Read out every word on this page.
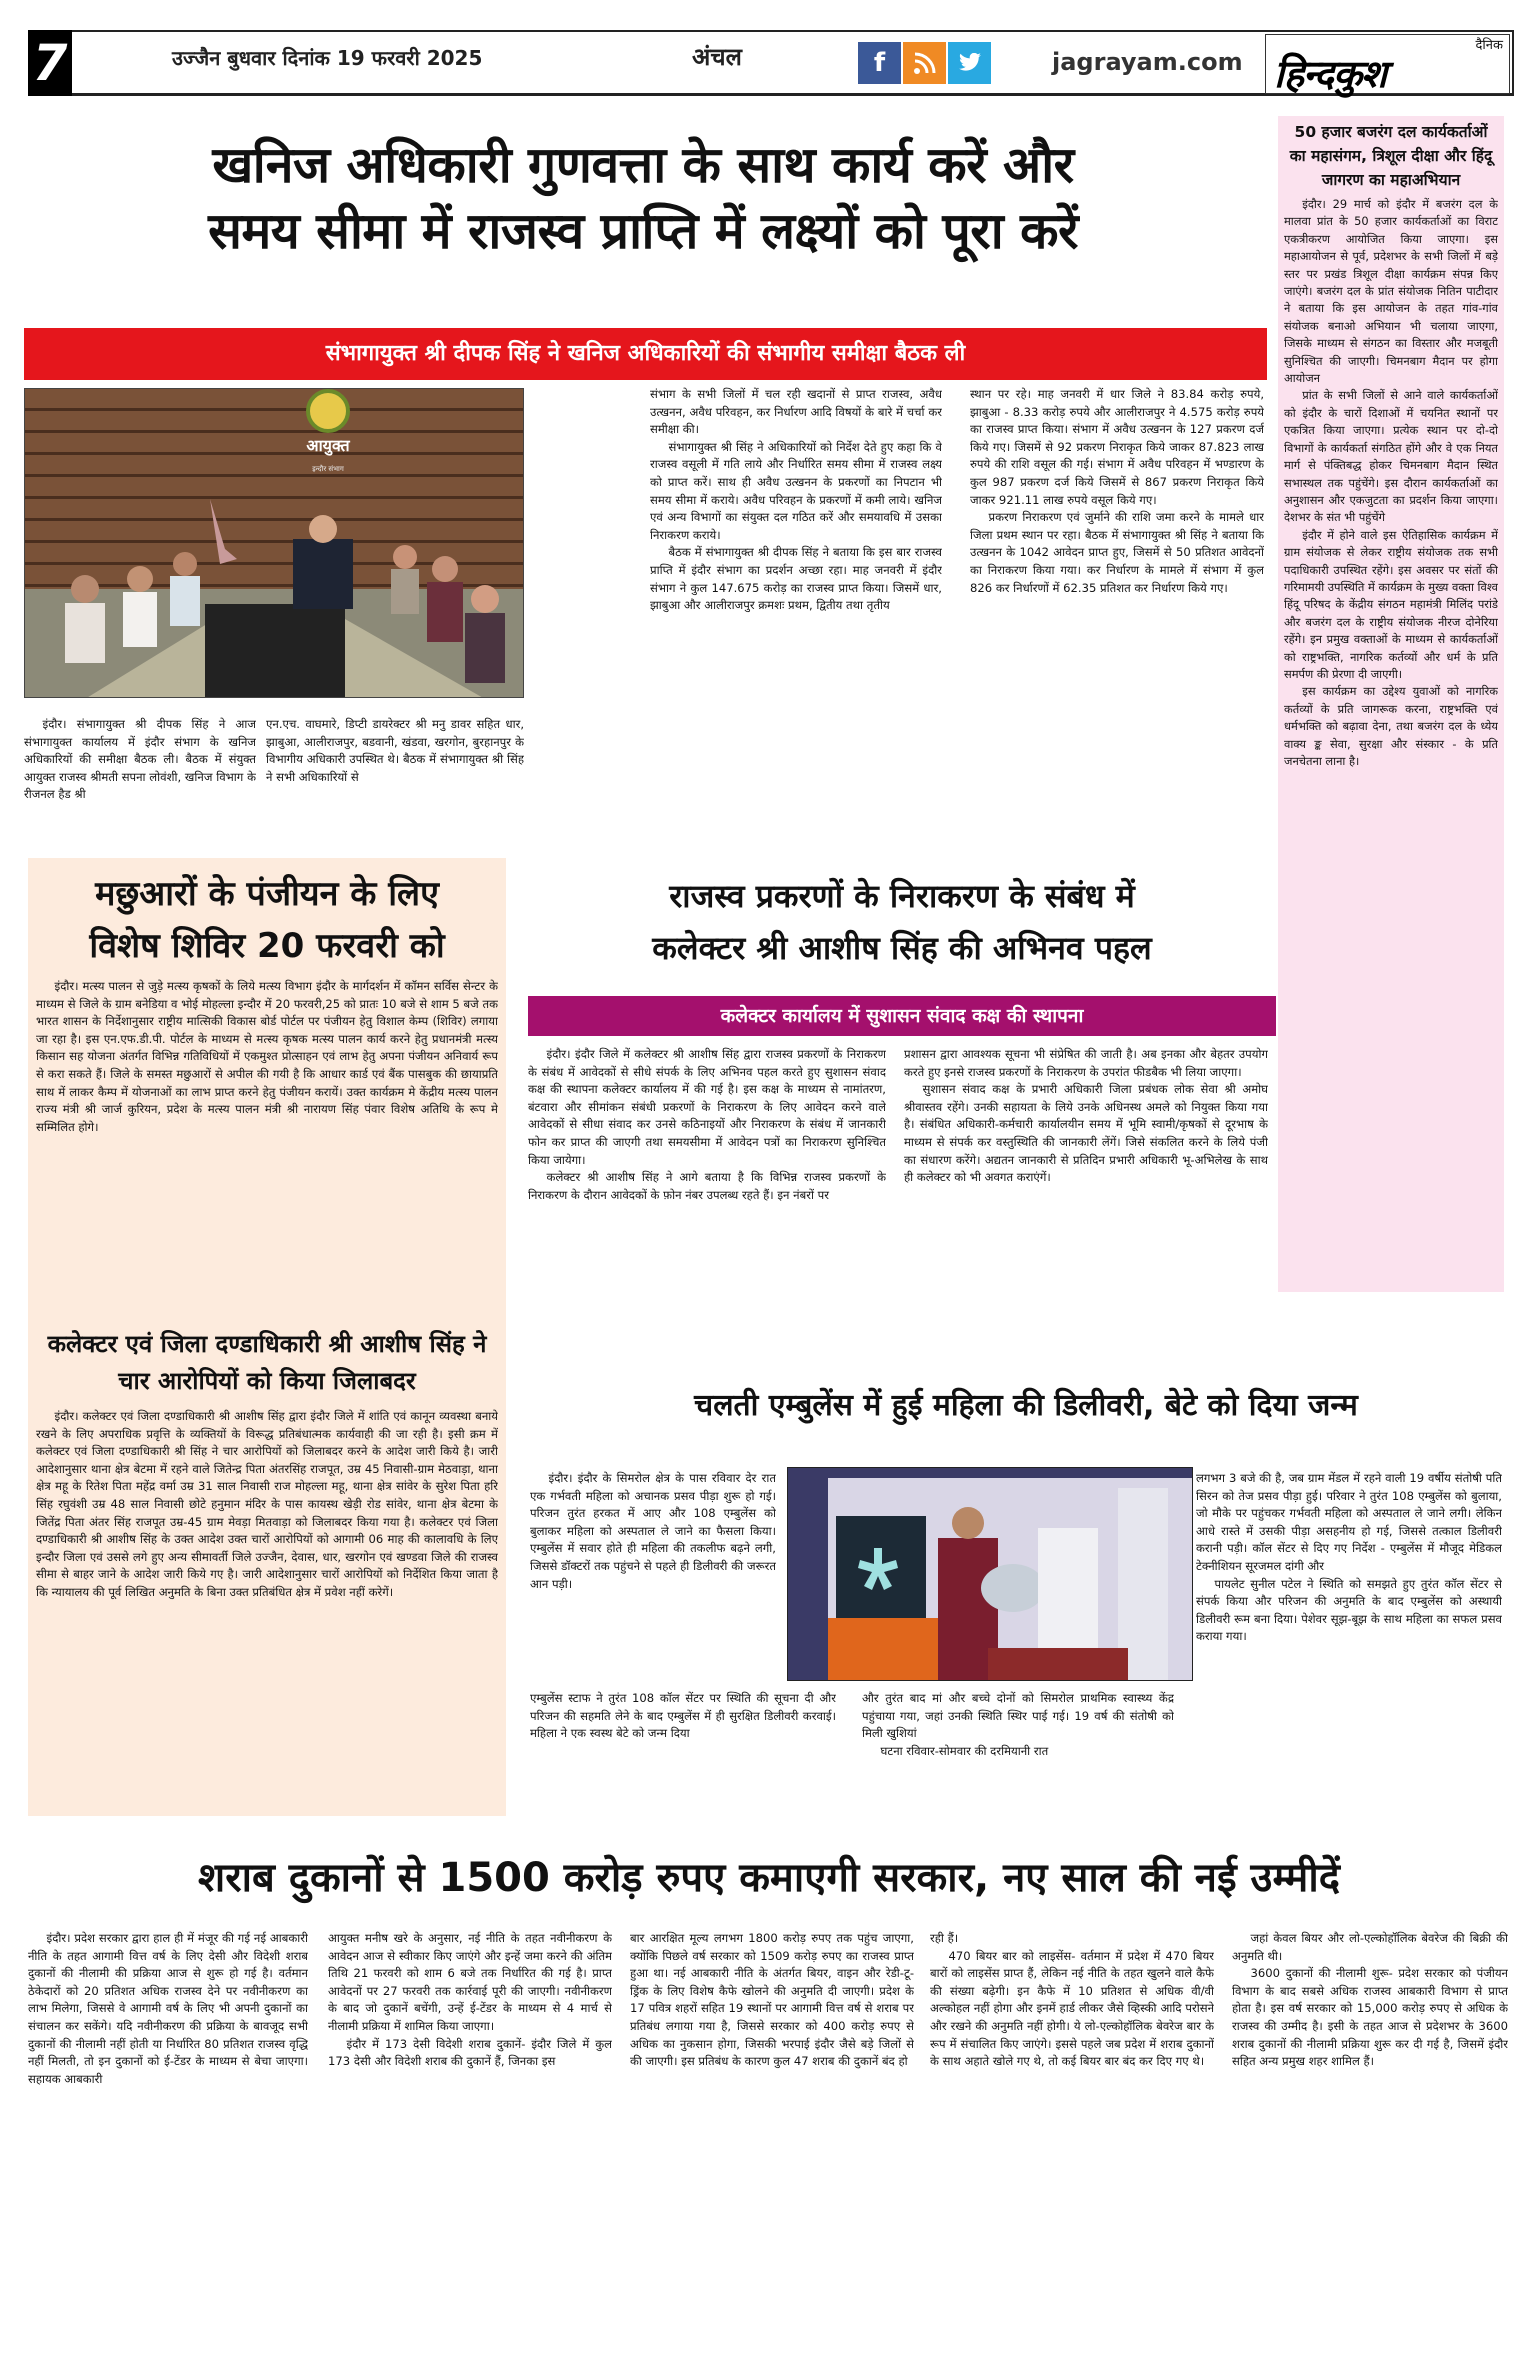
7	उज्जैन बुधवार दिनांक 19 फरवरी 2025	अंचल	f	jagrayam.com
दैनिक
हिन्दकुश
खनिज अधिकारी गुणवत्ता के साथ कार्य करें और
समय सीमा में राजस्व प्राप्ति में लक्ष्यों को पूरा करें
संभागायुक्त श्री दीपक सिंह ने खनिज अधिकारियों की संभागीय समीक्षा बैठक ली
आयुक्त
इन्दौर संभाग

इंदौर। संभागायुक्त श्री दीपक सिंह ने आज संभागायुक्त कार्यालय में इंदौर संभाग के खनिज अधिकारियों की समीक्षा बैठक ली। बैठक में संयुक्त आयुक्त राजस्व श्रीमती सपना लोवंशी, खनिज विभाग के रीजनल हैड श्री

एन.एच. वाघमारे, डिप्टी डायरेक्टर श्री मनु डावर सहित धार, झाबुआ, आलीराजपुर, बडवानी, खंडवा, खरगोन, बुरहानपुर के विभागीय अधिकारी उपस्थित थे। बैठक में संभागायुक्त श्री सिंह ने सभी अधिकारियों से

संभाग के सभी जिलों में चल रही खदानों से प्राप्त राजस्व, अवैध उत्खनन, अवैध परिवहन, कर निर्धारण आदि विषयों के बारे में चर्चा कर समीक्षा की।

संभागायुक्त श्री सिंह ने अधिकारियों को निर्देश देते हुए कहा कि वे राजस्व वसूली में गति लाये और निर्धारित समय सीमा में राजस्व लक्ष्य को प्राप्त करें। साथ ही अवैध उत्खनन के प्रकरणों का निपटान भी समय सीमा में कराये। अवैध परिवहन के प्रकरणों में कमी लाये। खनिज एवं अन्य विभागों का संयुक्त दल गठित करें और समयावधि में उसका निराकरण कराये।

बैठक में संभागायुक्त श्री दीपक सिंह ने बताया कि इस बार राजस्व प्राप्ति में इंदौर संभाग का प्रदर्शन अच्छा रहा। माह जनवरी में इंदौर संभाग ने कुल 147.675 करोड़ का राजस्व प्राप्त किया। जिसमें धार, झाबुआ और आलीराजपुर क्रमशः प्रथम, द्वितीय तथा तृतीय

स्थान पर रहे। माह जनवरी में धार जिले ने 83.84 करोड़ रुपये, झाबुआ - 8.33 करोड़ रुपये और आलीराजपुर ने 4.575 करोड़ रुपये का राजस्व प्राप्त किया। संभाग में अवैध उत्खनन के 127 प्रकरण दर्ज किये गए। जिसमें से 92 प्रकरण निराकृत किये जाकर 87.823 लाख रुपये की राशि वसूल की गई। संभाग में अवैध परिवहन में भण्डारण के कुल 987 प्रकरण दर्ज किये जिसमें से 867 प्रकरण निराकृत किये जाकर 921.11 लाख रुपये वसूल किये गए।

प्रकरण निराकरण एवं जुर्माने की राशि जमा करने के मामले धार जिला प्रथम स्थान पर रहा। बैठक में संभागायुक्त श्री सिंह ने बताया कि उत्खनन के 1042 आवेदन प्राप्त हुए, जिसमें से 50 प्रतिशत आवेदनों का निराकरण किया गया। कर निर्धारण के मामले में संभाग में कुल 826 कर निर्धारणों में 62.35 प्रतिशत कर निर्धारण किये गए।

50 हजार बजरंग दल कार्यकर्ताओं का महासंगम, त्रिशूल दीक्षा और हिंदू जागरण का महाअभियान

इंदौर। 29 मार्च को इंदौर में बजरंग दल के मालवा प्रांत के 50 हजार कार्यकर्ताओं का विराट एकत्रीकरण आयोजित किया जाएगा। इस महाआयोजन से पूर्व, प्रदेशभर के सभी जिलों में बड़े स्तर पर प्रखंड त्रिशूल दीक्षा कार्यक्रम संपन्न किए जाएंगे। बजरंग दल के प्रांत संयोजक नितिन पाटीदार ने बताया कि इस आयोजन के तहत गांव-गांव संयोजक बनाओ अभियान भी चलाया जाएगा, जिसके माध्यम से संगठन का विस्तार और मजबूती सुनिश्चित की जाएगी। चिमनबाग मैदान पर होगा आयोजन

प्रांत के सभी जिलों से आने वाले कार्यकर्ताओं को इंदौर के चारों दिशाओं में चयनित स्थानों पर एकत्रित किया जाएगा। प्रत्येक स्थान पर दो-दो विभागों के कार्यकर्ता संगठित होंगे और वे एक नियत मार्ग से पंक्तिबद्ध होकर चिमनबाग मैदान स्थित सभास्थल तक पहुंचेंगे। इस दौरान कार्यकर्ताओं का अनुशासन और एकजुटता का प्रदर्शन किया जाएगा। देशभर के संत भी पहुंचेंगे

इंदौर में होने वाले इस ऐतिहासिक कार्यक्रम में ग्राम संयोजक से लेकर राष्ट्रीय संयोजक तक सभी पदाधिकारी उपस्थित रहेंगे। इस अवसर पर संतों की गरिमामयी उपस्थिति में कार्यक्रम के मुख्य वक्ता विश्व हिंदू परिषद के केंद्रीय संगठन महामंत्री मिलिंद परांडे और बजरंग दल के राष्ट्रीय संयोजक नीरज दोनेरिया रहेंगे। इन प्रमुख वक्ताओं के माध्यम से कार्यकर्ताओं को राष्ट्रभक्ति, नागरिक कर्तव्यों और धर्म के प्रति समर्पण की प्रेरणा दी जाएगी।

इस कार्यक्रम का उद्देश्य युवाओं को नागरिक कर्तव्यों के प्रति जागरूक करना, राष्ट्रभक्ति एवं धर्मभक्ति को बढ़ावा देना, तथा बजरंग दल के ध्येय वाक्य ङ्क सेवा, सुरक्षा और संस्कार - के प्रति जनचेतना लाना है।

मछुआरों के पंजीयन के लिए
विशेष शिविर 20 फरवरी को

इंदौर। मत्स्य पालन से जुड़े मत्स्य कृषकों के लिये मत्स्य विभाग इंदौर के मार्गदर्शन में कॉमन सर्विस सेन्टर के माध्यम से जिले के ग्राम बनेडिया व भोई मोहल्ला इन्दौर में 20 फरवरी,25 को प्रातः 10 बजे से शाम 5 बजे तक भारत शासन के निर्देशानुसार राष्ट्रीय मात्सिकी विकास बोर्ड पोर्टल पर पंजीयन हेतु विशाल केम्प (शिविर) लगाया जा रहा है। इस एन.एफ.डी.पी. पोर्टल के माध्यम से मत्स्य कृषक मत्स्य पालन कार्य करने हेतु प्रधानमंत्री मत्स्य किसान सह योजना अंतर्गत विभिन्न गतिविधियों में एकमुश्त प्रोत्साहन एवं लाभ हेतु अपना पंजीयन अनिवार्य रूप से करा सकते हैं। जिले के समस्त मछुआरों से अपील की गयी है कि आधार कार्ड एवं बैंक पासबुक की छायाप्रति साथ में लाकर कैम्प में योजनाओं का लाभ प्राप्त करने हेतु पंजीयन करायें। उक्त कार्यक्रम मे केंद्रीय मत्स्य पालन राज्य मंत्री श्री जार्ज कुरियन, प्रदेश के मत्स्य पालन मंत्री श्री नारायण सिंह पंवार विशेष अतिथि के रूप मे सम्मिलित होगे।

कलेक्टर एवं जिला दण्डाधिकारी श्री आशीष सिंह ने चार आरोपियों को किया जिलाबदर

इंदौर। कलेक्टर एवं जिला दण्डाधिकारी श्री आशीष सिंह द्वारा इंदौर जिले में शांति एवं कानून व्यवस्था बनाये रखने के लिए अपराधिक प्रवृत्ति के व्यक्तियों के विरूद्ध प्रतिबंधात्मक कार्यवाही की जा रही है। इसी क्रम में कलेक्टर एवं जिला दण्डाधिकारी श्री सिंह ने चार आरोपियों को जिलाबदर करने के आदेश जारी किये है। जारी आदेशानुसार थाना क्षेत्र बेटमा में रहने वाले जितेन्द्र पिता अंतरसिंह राजपूत, उम्र 45 निवासी-ग्राम मेठवाड़ा, थाना क्षेत्र महू के रितेश पिता महेंद्र वर्मा उम्र 31 साल निवासी राज मोहल्ला महू, थाना क्षेत्र सांवेर के सुरेश पिता हरि सिंह रघुवंशी उम्र 48 साल निवासी छोटे हनुमान मंदिर के पास कायस्थ खेड़ी रोड सांवेर, थाना क्षेत्र बेटमा के जितेंद्र पिता अंतर सिंह राजपूत उम्र-45 ग्राम मेवड़ा मितवाड़ा को जिलाबदर किया गया है। कलेक्टर एवं जिला दण्डाधिकारी श्री आशीष सिंह के उक्त आदेश उक्त चारों आरोपियों को आगामी 06 माह की कालावधि के लिए इन्दौर जिला एवं उससे लगे हुए अन्य सीमावर्ती जिले उज्जैन, देवास, धार, खरगोन एवं खण्डवा जिले की राजस्व सीमा से बाहर जाने के आदेश जारी किये गए है। जारी आदेशानुसार चारों आरोपियों को निर्देशित किया जाता है कि न्यायालय की पूर्व लिखित अनुमति के बिना उक्त प्रतिबंधित क्षेत्र में प्रवेश नहीं करेगें।

राजस्व प्रकरणों के निराकरण के संबंध में
कलेक्टर श्री आशीष सिंह की अभिनव पहल
कलेक्टर कार्यालय में सुशासन संवाद कक्ष की स्थापना

इंदौर। इंदौर जिले में कलेक्टर श्री आशीष सिंह द्वारा राजस्व प्रकरणों के निराकरण के संबंध में आवेदकों से सीधे संपर्क के लिए अभिनव पहल करते हुए सुशासन संवाद कक्ष की स्थापना कलेक्टर कार्यालय में की गई है। इस कक्ष के माध्यम से नामांतरण, बंटवारा और सीमांकन संबंधी प्रकरणों के निराकरण के लिए आवेदन करने वाले आवेदकों से सीधा संवाद कर उनसे कठिनाइयों और निराकरण के संबंध में जानकारी फोन कर प्राप्त की जाएगी तथा समयसीमा में आवेदन पत्रों का निराकरण सुनिश्चित किया जायेगा।

कलेक्टर श्री आशीष सिंह ने आगे बताया है कि विभिन्न राजस्व प्रकरणों के निराकरण के दौरान आवेदकों के फ़ोन नंबर उपलब्ध रहते हैं। इन नंबरों पर

प्रशासन द्वारा आवश्यक सूचना भी संप्रेषित की जाती है। अब इनका और बेहतर उपयोग करते हुए इनसे राजस्व प्रकरणों के निराकरण के उपरांत फीडबैक भी लिया जाएगा।

सुशासन संवाद कक्ष के प्रभारी अधिकारी जिला प्रबंधक लोक सेवा श्री अमोघ श्रीवास्तव रहेंगे। उनकी सहायता के लिये उनके अधिनस्थ अमले को नियुक्त किया गया है। संबंधित अधिकारी-कर्मचारी कार्यालयीन समय में भूमि स्वामी/कृषकों से दूरभाष के माध्यम से संपर्क कर वस्तुस्थिति की जानकारी लेंगें। जिसे संकलित करने के लिये पंजी का संधारण करेंगे। अद्यतन जानकारी से प्रतिदिन प्रभारी अधिकारी भू-अभिलेख के साथ ही कलेक्टर को भी अवगत कराएंगें।

चलती एम्बुलेंस में हुई महिला की डिलीवरी, बेटे को दिया जन्म

इंदौर। इंदौर के सिमरोल क्षेत्र के पास रविवार देर रात एक गर्भवती महिला को अचानक प्रसव पीड़ा शुरू हो गई। परिजन तुरंत हरकत में आए और 108 एम्बुलेंस को बुलाकर महिला को अस्पताल ले जाने का फैसला किया। एम्बुलेंस में सवार होते ही महिला की तकलीफ बढ़ने लगी, जिससे डॉक्टरों तक पहुंचने से पहले ही डिलीवरी की जरूरत आन पड़ी।

एम्बुलेंस स्टाफ ने तुरंत 108 कॉल सेंटर पर स्थिति की सूचना दी और परिजन की सहमति लेने के बाद एम्बुलेंस में ही सुरक्षित डिलीवरी करवाई। महिला ने एक स्वस्थ बेटे को जन्म दिया

और तुरंत बाद मां और बच्चे दोनों को सिमरोल प्राथमिक स्वास्थ्य केंद्र पहुंचाया गया, जहां उनकी स्थिति स्थिर पाई गई। 19 वर्ष की संतोषी को मिली खुशियां

घटना रविवार-सोमवार की दरमियानी रात

लगभग 3 बजे की है, जब ग्राम मेंडल में रहने वाली 19 वर्षीय संतोषी पति सिरन को तेज प्रसव पीड़ा हुई। परिवार ने तुरंत 108 एम्बुलेंस को बुलाया, जो मौके पर पहुंचकर गर्भवती महिला को अस्पताल ले जाने लगी। लेकिन आधे रास्ते में उसकी पीड़ा असहनीय हो गई, जिससे तत्काल डिलीवरी करानी पड़ी। कॉल सेंटर से दिए गए निर्देश - एम्बुलेंस में मौजूद मेडिकल टेक्नीशियन सूरजमल दांगी और

पायलेट सुनील पटेल ने स्थिति को समझते हुए तुरंत कॉल सेंटर से संपर्क किया और परिजन की अनुमति के बाद एम्बुलेंस को अस्थायी डिलीवरी रूम बना दिया। पेशेवर सूझ-बूझ के साथ महिला का सफल प्रसव कराया गया।

शराब दुकानों से 1500 करोड़ रुपए कमाएगी सरकार, नए साल की नई उम्मीदें

इंदौर। प्रदेश सरकार द्वारा हाल ही में मंजूर की गई नई आबकारी नीति के तहत आगामी वित्त वर्ष के लिए देसी और विदेशी शराब दुकानों की नीलामी की प्रक्रिया आज से शुरू हो गई है। वर्तमान ठेकेदारों को 20 प्रतिशत अधिक राजस्व देने पर नवीनीकरण का लाभ मिलेगा, जिससे वे आगामी वर्ष के लिए भी अपनी दुकानों का संचालन कर सकेंगे। यदि नवीनीकरण की प्रक्रिया के बावजूद सभी दुकानों की नीलामी नहीं होती या निर्धारित 80 प्रतिशत राजस्व वृद्धि नहीं मिलती, तो इन दुकानों को ई-टेंडर के माध्यम से बेचा जाएगा। सहायक आबकारी

आयुक्त मनीष खरे के अनुसार, नई नीति के तहत नवीनीकरण के आवेदन आज से स्वीकार किए जाएंगे और इन्हें जमा करने की अंतिम तिथि 21 फरवरी को शाम 6 बजे तक निर्धारित की गई है। प्राप्त आवेदनों पर 27 फरवरी तक कार्रवाई पूरी की जाएगी। नवीनीकरण के बाद जो दुकानें बचेंगी, उन्हें ई-टेंडर के माध्यम से 4 मार्च से नीलामी प्रक्रिया में शामिल किया जाएगा।

इंदौर में 173 देसी विदेशी शराब दुकानें- इंदौर जिले में कुल 173 देसी और विदेशी शराब की दुकानें हैं, जिनका इस

बार आरक्षित मूल्य लगभग 1800 करोड़ रुपए तक पहुंच जाएगा, क्योंकि पिछले वर्ष सरकार को 1509 करोड़ रुपए का राजस्व प्राप्त हुआ था। नई आबकारी नीति के अंतर्गत बियर, वाइन और रेडी-टू-ड्रिंक के लिए विशेष कैफे खोलने की अनुमति दी जाएगी। प्रदेश के 17 पवित्र शहरों सहित 19 स्थानों पर आगामी वित्त वर्ष से शराब पर प्रतिबंध लगाया गया है, जिससे सरकार को 400 करोड़ रुपए से अधिक का नुकसान होगा, जिसकी भरपाई इंदौर जैसे बड़े जिलों से की जाएगी। इस प्रतिबंध के कारण कुल 47 शराब की दुकानें बंद हो

रही हैं।

470 बियर बार को लाइसेंस- वर्तमान में प्रदेश में 470 बियर बारों को लाइसेंस प्राप्त हैं, लेकिन नई नीति के तहत खुलने वाले कैफे की संख्या बढ़ेगी। इन कैफे में 10 प्रतिशत से अधिक वी/वी अल्कोहल नहीं होगा और इनमें हार्ड लीकर जैसे व्हिस्की आदि परोसने और रखने की अनुमति नहीं होगी। ये लो-एल्कोहॉलिक बेवरेज बार के रूप में संचालित किए जाएंगे। इससे पहले जब प्रदेश में शराब दुकानों के साथ अहाते खोले गए थे, तो कई बियर बार बंद कर दिए गए थे।

जहां केवल बियर और लो-एल्कोहॉलिक बेवरेज की बिक्री की अनुमति थी।

3600 दुकानों की नीलामी शुरू- प्रदेश सरकार को पंजीयन विभाग के बाद सबसे अधिक राजस्व आबकारी विभाग से प्राप्त होता है। इस वर्ष सरकार को 15,000 करोड़ रुपए से अधिक के राजस्व की उम्मीद है। इसी के तहत आज से प्रदेशभर के 3600 शराब दुकानों की नीलामी प्रक्रिया शुरू कर दी गई है, जिसमें इंदौर सहित अन्य प्रमुख शहर शामिल हैं।
